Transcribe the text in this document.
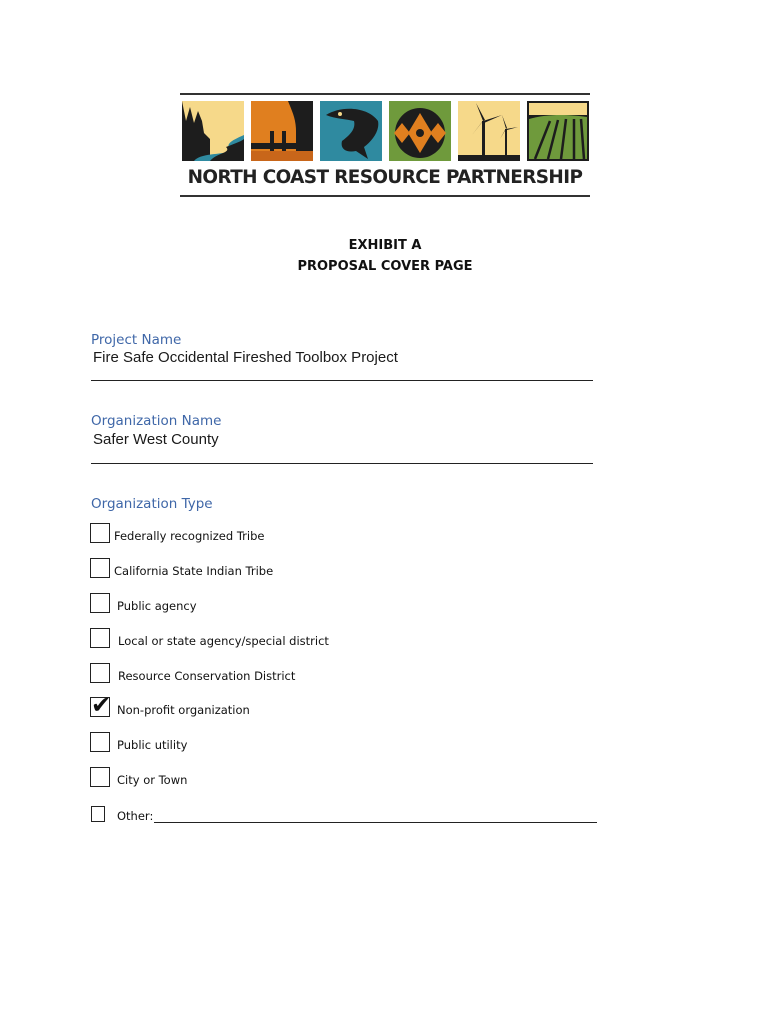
NORTH COAST RESOURCE PARTNERSHIP
EXHIBIT A
PROPOSAL COVER PAGE
Project Name
Fire Safe Occidental Fireshed Toolbox Project
Organization Name
Safer West County
Organization Type
Federally recognized Tribe
California State Indian Tribe
Public agency
Local or state agency/special district
Resource Conservation District
✔ Non-profit organization
Public utility
City or Town
Other:
